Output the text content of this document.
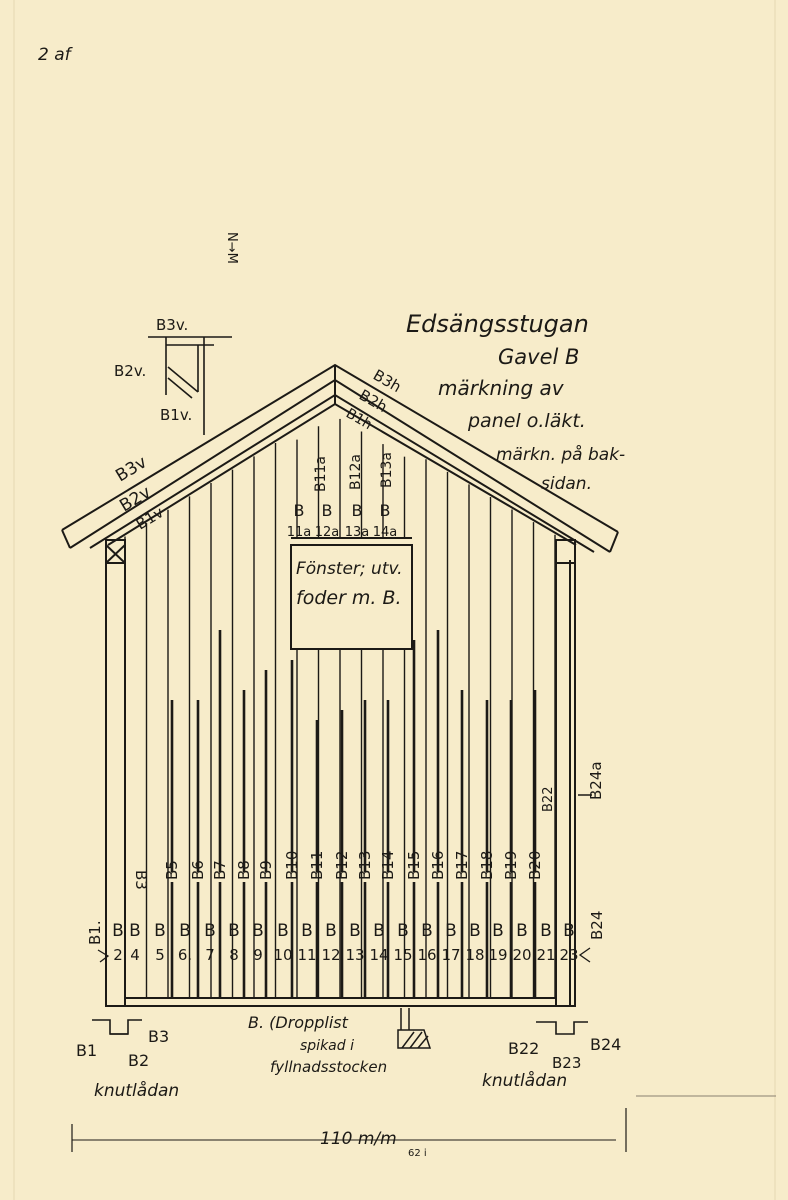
2 af
N→M
Edsängsstugan
Gavel B
märkning av
panel o.läkt.
märkn. på bak-
sidan.
B3v.
B2v.
B1v.
B3v
B2v
B1v
B3h
B2h
B1h
B5 B6 B7 B8 B9 B10 B11 B12 B13 B14 B15 B16 B17 B18 B19 B20
B
2
B
4
B
5
B
6.
B
7
B
8
B
9
B
10
B
11
B
12
B
13
B
14
B
15
B
16
B
17
B
18
B
19
B
20
B
21
B
23
B
11a
B
12a
B
13a
B
14a
B11a B12a B13a
Fönster; utv.
foder m. B.
B22 B24a
B3
B1.	B24
B1
B3
B2
knutlådan
B. (Dropplist
spikad i
fyllnadsstocken
B22
B23
B24
knutlådan
110 m/m
62 i
